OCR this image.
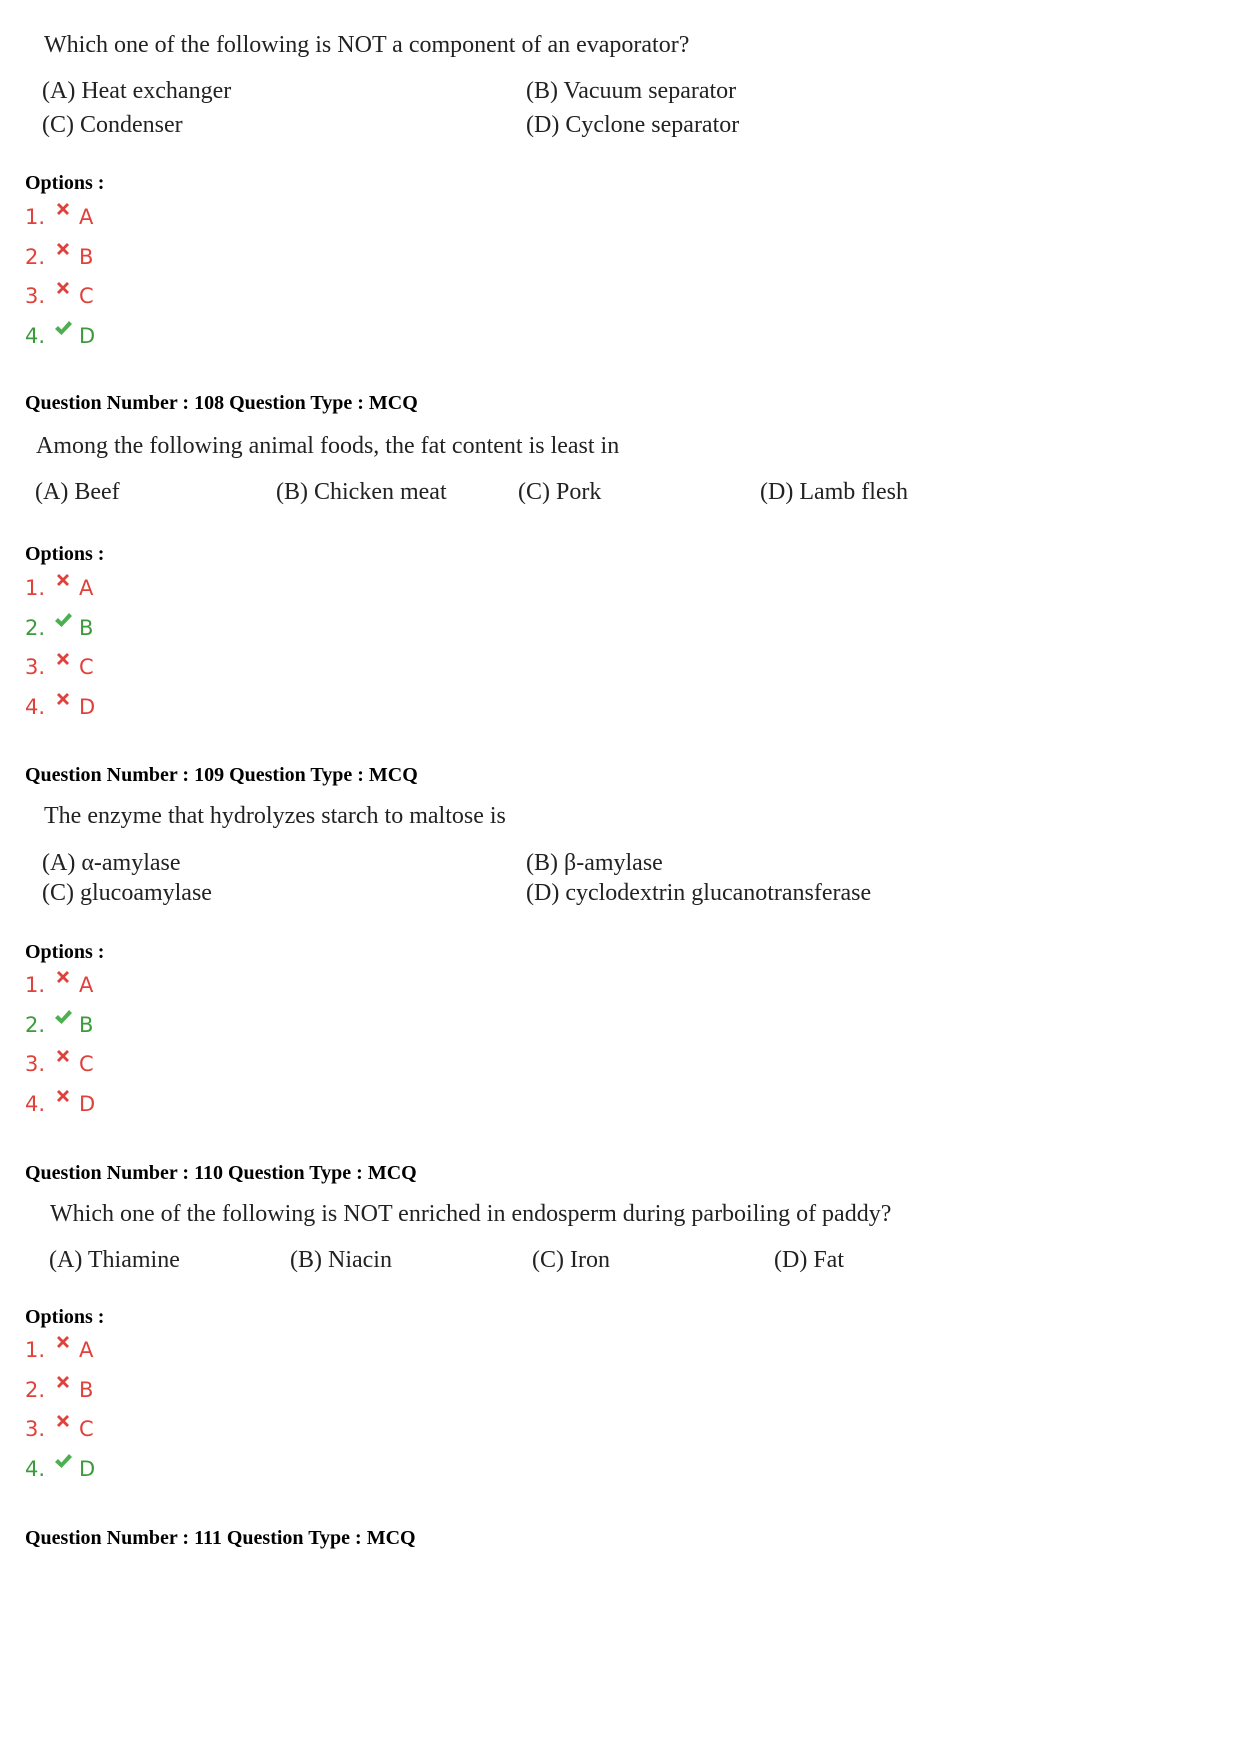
Which one of the following is NOT a component of an evaporator?
(A) Heat exchanger	(B) Vacuum separator
(C) Condenser	(D) Cyclone separator
Options :
Question Number : 108 Question Type : MCQ
Among the following animal foods, the fat content is least in
(A) Beef	(B) Chicken meat	(C) Pork	(D) Lamb flesh
Options :
Question Number : 109 Question Type : MCQ
The enzyme that hydrolyzes starch to maltose is
(A) α-amylase	(B) β-amylase
(C) glucoamylase	(D) cyclodextrin glucanotransferase
Options :
Question Number : 110 Question Type : MCQ
Which one of the following is NOT enriched in endosperm during parboiling of paddy?
(A) Thiamine	(B) Niacin	(C) Iron	(D) Fat
Options :
Question Number : 111 Question Type : MCQ
1. A
2. B
3. C
4. D
1. A
2. B
3. C
4. D
1. A
2. B
3. C
4. D
1. A
2. B
3. C
4. D
